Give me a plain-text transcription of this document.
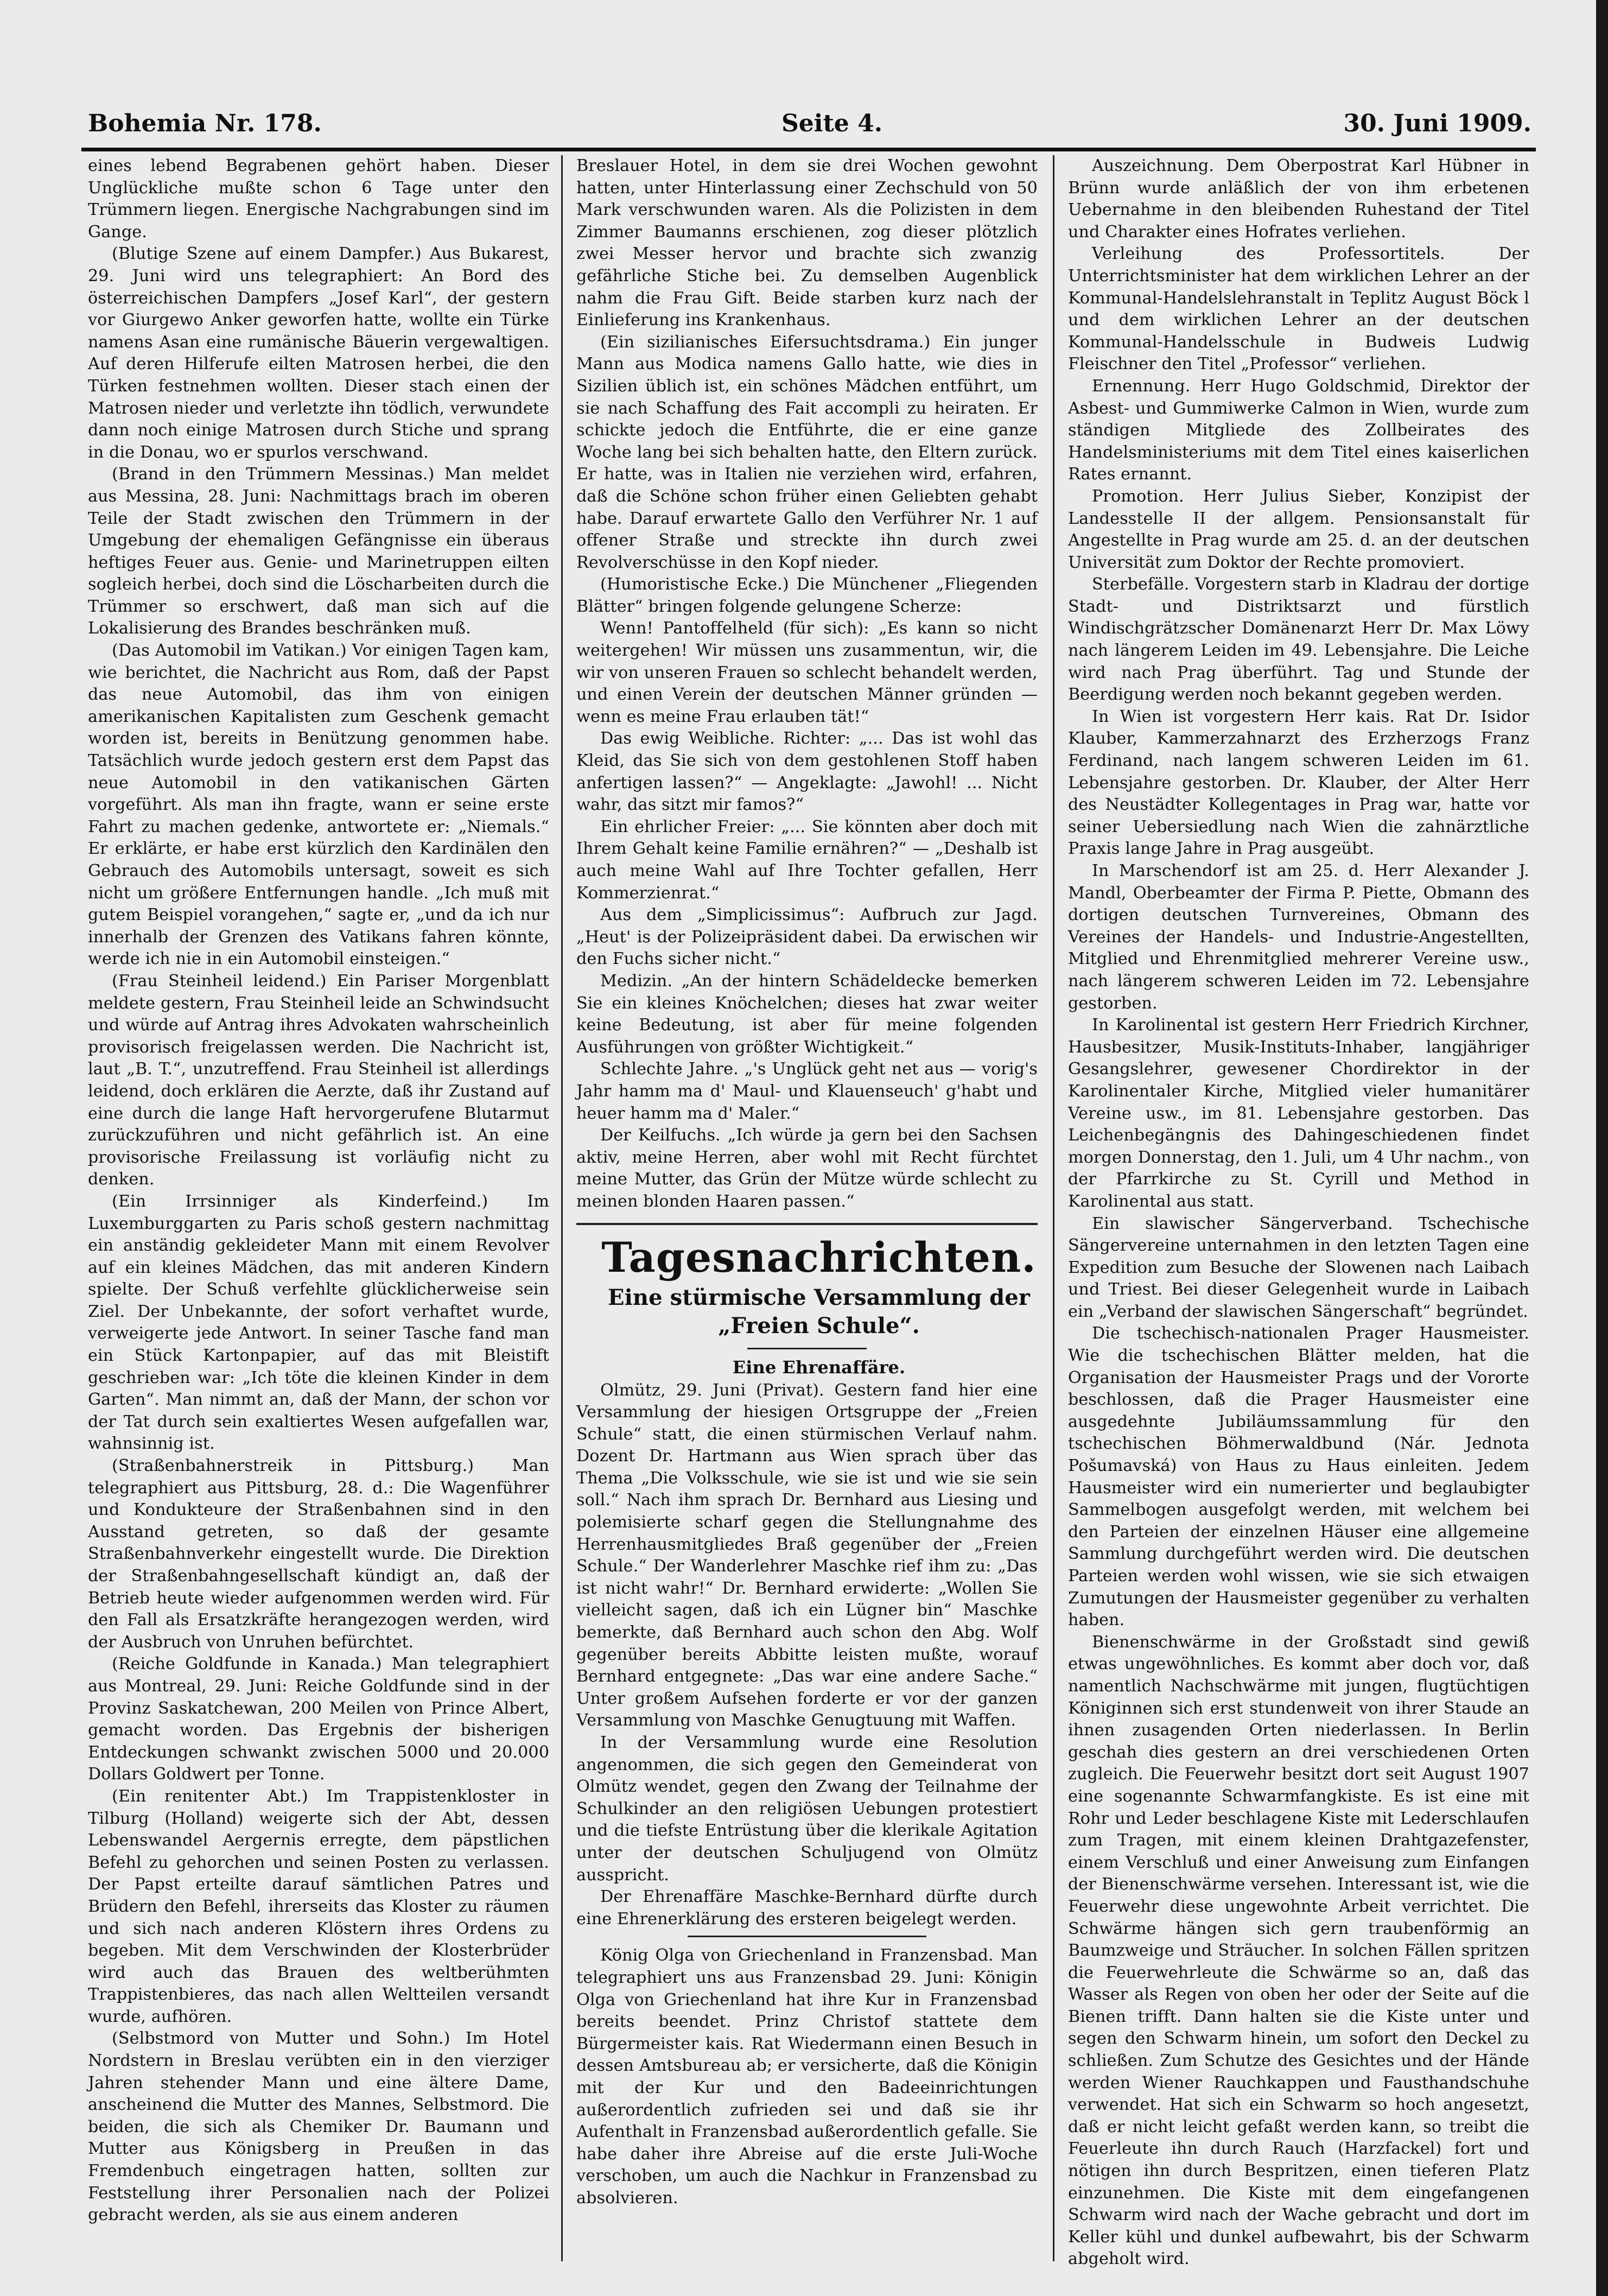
Bohemia Nr. 178.	Seite 4.	30. Juni 1909.

eines lebend Begrabenen gehört haben. Dieser Unglückliche mußte schon 6 Tage unter den Trümmern liegen. Energische Nachgrabungen sind im Gange.

(Blutige Szene auf einem Dampfer.) Aus Bukarest, 29. Juni wird uns telegraphiert: An Bord des österreichischen Dampfers „Josef Karl“, der gestern vor Giurgewo Anker geworfen hatte, wollte ein Türke namens Asan eine rumänische Bäuerin vergewaltigen. Auf deren Hilferufe eilten Matrosen herbei, die den Türken festnehmen wollten. Dieser stach einen der Matrosen nieder und verletzte ihn tödlich, verwundete dann noch einige Matrosen durch Stiche und sprang in die Donau, wo er spurlos verschwand.

(Brand in den Trümmern Messinas.) Man meldet aus Messina, 28. Juni: Nachmittags brach im oberen Teile der Stadt zwischen den Trümmern in der Umgebung der ehemaligen Gefängnisse ein überaus heftiges Feuer aus. Genie- und Marinetruppen eilten sogleich herbei, doch sind die Löscharbeiten durch die Trümmer so erschwert, daß man sich auf die Lokalisierung des Brandes beschränken muß.

(Das Automobil im Vatikan.) Vor einigen Tagen kam, wie berichtet, die Nachricht aus Rom, daß der Papst das neue Automobil, das ihm von einigen amerikanischen Kapitalisten zum Geschenk gemacht worden ist, bereits in Benützung genommen habe. Tatsächlich wurde jedoch gestern erst dem Papst das neue Automobil in den vatikanischen Gärten vorgeführt. Als man ihn fragte, wann er seine erste Fahrt zu machen gedenke, antwortete er: „Niemals.“ Er erklärte, er habe erst kürzlich den Kardinälen den Gebrauch des Automobils untersagt, soweit es sich nicht um größere Entfernungen handle. „Ich muß mit gutem Beispiel vorangehen,“ sagte er, „und da ich nur innerhalb der Grenzen des Vatikans fahren könnte, werde ich nie in ein Automobil einsteigen.“

(Frau Steinheil leidend.) Ein Pariser Morgenblatt meldete gestern, Frau Steinheil leide an Schwindsucht und würde auf Antrag ihres Advokaten wahrscheinlich provisorisch freigelassen werden. Die Nachricht ist, laut „B. T.“, unzutreffend. Frau Steinheil ist allerdings leidend, doch erklären die Aerzte, daß ihr Zustand auf eine durch die lange Haft hervorgerufene Blutarmut zurückzuführen und nicht gefährlich ist. An eine provisorische Freilassung ist vorläufig nicht zu denken.

(Ein Irrsinniger als Kinderfeind.) Im Luxemburggarten zu Paris schoß gestern nachmittag ein anständig gekleideter Mann mit einem Revolver auf ein kleines Mädchen, das mit anderen Kindern spielte. Der Schuß verfehlte glücklicherweise sein Ziel. Der Unbekannte, der sofort verhaftet wurde, verweigerte jede Antwort. In seiner Tasche fand man ein Stück Kartonpapier, auf das mit Bleistift geschrieben war: „Ich töte die kleinen Kinder in dem Garten“. Man nimmt an, daß der Mann, der schon vor der Tat durch sein exaltiertes Wesen aufgefallen war, wahnsinnig ist.

(Straßenbahnerstreik in Pittsburg.) Man telegraphiert aus Pittsburg, 28. d.: Die Wagenführer und Kondukteure der Straßenbahnen sind in den Ausstand getreten, so daß der gesamte Straßenbahnverkehr eingestellt wurde. Die Direktion der Straßenbahngesellschaft kündigt an, daß der Betrieb heute wieder aufgenommen werden wird. Für den Fall als Ersatzkräfte herangezogen werden, wird der Ausbruch von Unruhen befürchtet.

(Reiche Goldfunde in Kanada.) Man telegraphiert aus Montreal, 29. Juni: Reiche Goldfunde sind in der Provinz Saskatchewan, 200 Meilen von Prince Albert, gemacht worden. Das Ergebnis der bisherigen Entdeckungen schwankt zwischen 5000 und 20.000 Dollars Goldwert per Tonne.

(Ein renitenter Abt.) Im Trappistenkloster in Tilburg (Holland) weigerte sich der Abt, dessen Lebenswandel Aergernis erregte, dem päpstlichen Befehl zu gehorchen und seinen Posten zu verlassen. Der Papst erteilte darauf sämtlichen Patres und Brüdern den Befehl, ihrerseits das Kloster zu räumen und sich nach anderen Klöstern ihres Ordens zu begeben. Mit dem Verschwinden der Klosterbrüder wird auch das Brauen des weltberühmten Trappistenbieres, das nach allen Weltteilen versandt wurde, aufhören.

(Selbstmord von Mutter und Sohn.) Im Hotel Nordstern in Breslau verübten ein in den vierziger Jahren stehender Mann und eine ältere Dame, anscheinend die Mutter des Mannes, Selbstmord. Die beiden, die sich als Chemiker Dr. Baumann und Mutter aus Königsberg in Preußen in das Fremdenbuch eingetragen hatten, sollten zur Feststellung ihrer Personalien nach der Polizei gebracht werden, als sie aus einem anderen

Breslauer Hotel, in dem sie drei Wochen gewohnt hatten, unter Hinterlassung einer Zechschuld von 50 Mark verschwunden waren. Als die Polizisten in dem Zimmer Baumanns erschienen, zog dieser plötzlich zwei Messer hervor und brachte sich zwanzig gefährliche Stiche bei. Zu demselben Augenblick nahm die Frau Gift. Beide starben kurz nach der Einlieferung ins Krankenhaus.

(Ein sizilianisches Eifersuchtsdrama.) Ein junger Mann aus Modica namens Gallo hatte, wie dies in Sizilien üblich ist, ein schönes Mädchen entführt, um sie nach Schaffung des Fait accompli zu heiraten. Er schickte jedoch die Entführte, die er eine ganze Woche lang bei sich behalten hatte, den Eltern zurück. Er hatte, was in Italien nie verziehen wird, erfahren, daß die Schöne schon früher einen Geliebten gehabt habe. Darauf erwartete Gallo den Verführer Nr. 1 auf offener Straße und streckte ihn durch zwei Revolverschüsse in den Kopf nieder.

(Humoristische Ecke.) Die Münchener „Fliegenden Blätter“ bringen folgende gelungene Scherze:

Wenn! Pantoffelheld (für sich): „Es kann so nicht weitergehen! Wir müssen uns zusammentun, wir, die wir von unseren Frauen so schlecht behandelt werden, und einen Verein der deutschen Männer gründen — wenn es meine Frau erlauben tät!“

Das ewig Weibliche. Richter: „... Das ist wohl das Kleid, das Sie sich von dem gestohlenen Stoff haben anfertigen lassen?“ — Angeklagte: „Jawohl! ... Nicht wahr, das sitzt mir famos?“

Ein ehrlicher Freier: „... Sie könnten aber doch mit Ihrem Gehalt keine Familie ernähren?“ — „Deshalb ist auch meine Wahl auf Ihre Tochter gefallen, Herr Kommerzienrat.“

Aus dem „Simplicissimus“: Aufbruch zur Jagd. „Heut' is der Polizeipräsident dabei. Da erwischen wir den Fuchs sicher nicht.“

Medizin. „An der hintern Schädeldecke bemerken Sie ein kleines Knöchelchen; dieses hat zwar weiter keine Bedeutung, ist aber für meine folgenden Ausführungen von größter Wichtigkeit.“

Schlechte Jahre. „'s Unglück geht net aus — vorig's Jahr hamm ma d' Maul- und Klauenseuch' g'habt und heuer hamm ma d' Maler.“

Der Keilfuchs. „Ich würde ja gern bei den Sachsen aktiv, meine Herren, aber wohl mit Recht fürchtet meine Mutter, das Grün der Mütze würde schlecht zu meinen blonden Haaren passen.“

Tagesnachrichten.

Eine stürmische Versammlung der

„Freien Schule“.

Eine Ehrenaffäre.

Olmütz, 29. Juni (Privat). Gestern fand hier eine Versammlung der hiesigen Ortsgruppe der „Freien Schule“ statt, die einen stürmischen Verlauf nahm. Dozent Dr. Hartmann aus Wien sprach über das Thema „Die Volksschule, wie sie ist und wie sie sein soll.“ Nach ihm sprach Dr. Bernhard aus Liesing und polemisierte scharf gegen die Stellungnahme des Herrenhausmitgliedes Braß gegenüber der „Freien Schule.“ Der Wanderlehrer Maschke rief ihm zu: „Das ist nicht wahr!“ Dr. Bernhard erwiderte: „Wollen Sie vielleicht sagen, daß ich ein Lügner bin“ Maschke bemerkte, daß Bernhard auch schon den Abg. Wolf gegenüber bereits Abbitte leisten mußte, worauf Bernhard entgegnete: „Das war eine andere Sache.“ Unter großem Aufsehen forderte er vor der ganzen Versammlung von Maschke Genugtuung mit Waffen.

In der Versammlung wurde eine Resolution angenommen, die sich gegen den Gemeinderat von Olmütz wendet, gegen den Zwang der Teilnahme der Schulkinder an den religiösen Uebungen protestiert und die tiefste Entrüstung über die klerikale Agitation unter der deutschen Schuljugend von Olmütz ausspricht.

Der Ehrenaffäre Maschke-Bernhard dürfte durch eine Ehrenerklärung des ersteren beigelegt werden.

König Olga von Griechenland in Franzensbad. Man telegraphiert uns aus Franzensbad 29. Juni: Königin Olga von Griechenland hat ihre Kur in Franzensbad bereits beendet. Prinz Christof stattete dem Bürgermeister kais. Rat Wiedermann einen Besuch in dessen Amtsbureau ab; er versicherte, daß die Königin mit der Kur und den Badeeinrichtungen außerordentlich zufrieden sei und daß sie ihr Aufenthalt in Franzensbad außerordentlich gefalle. Sie habe daher ihre Abreise auf die erste Juli-Woche verschoben, um auch die Nachkur in Franzensbad zu absolvieren.

Auszeichnung. Dem Oberpostrat Karl Hübner in Brünn wurde anläßlich der von ihm erbetenen Uebernahme in den bleibenden Ruhestand der Titel und Charakter eines Hofrates verliehen.

Verleihung des Professortitels. Der Unterrichtsminister hat dem wirklichen Lehrer an der Kommunal-Handelslehranstalt in Teplitz August Böck l und dem wirklichen Lehrer an der deutschen Kommunal-Handelsschule in Budweis Ludwig Fleischner den Titel „Professor“ verliehen.

Ernennung. Herr Hugo Goldschmid, Direktor der Asbest- und Gummiwerke Calmon in Wien, wurde zum ständigen Mitgliede des Zollbeirates des Handelsministeriums mit dem Titel eines kaiserlichen Rates ernannt.

Promotion. Herr Julius Sieber, Konzipist der Landesstelle II der allgem. Pensionsanstalt für Angestellte in Prag wurde am 25. d. an der deutschen Universität zum Doktor der Rechte promoviert.

Sterbefälle. Vorgestern starb in Kladrau der dortige Stadt- und Distriktsarzt und fürstlich Windischgrätzscher Domänenarzt Herr Dr. Max Löwy nach längerem Leiden im 49. Lebensjahre. Die Leiche wird nach Prag überführt. Tag und Stunde der Beerdigung werden noch bekannt gegeben werden.

In Wien ist vorgestern Herr kais. Rat Dr. Isidor Klauber, Kammerzahnarzt des Erzherzogs Franz Ferdinand, nach langem schweren Leiden im 61. Lebensjahre gestorben. Dr. Klauber, der Alter Herr des Neustädter Kollegentages in Prag war, hatte vor seiner Uebersiedlung nach Wien die zahnärztliche Praxis lange Jahre in Prag ausgeübt.

In Marschendorf ist am 25. d. Herr Alexander J. Mandl, Oberbeamter der Firma P. Piette, Obmann des dortigen deutschen Turnvereines, Obmann des Vereines der Handels- und Industrie-Angestellten, Mitglied und Ehrenmitglied mehrerer Vereine usw., nach längerem schweren Leiden im 72. Lebensjahre gestorben.

In Karolinental ist gestern Herr Friedrich Kirchner, Hausbesitzer, Musik-Instituts-Inhaber, langjähriger Gesangslehrer, gewesener Chordirektor in der Karolinentaler Kirche, Mitglied vieler humanitärer Vereine usw., im 81. Lebensjahre gestorben. Das Leichenbegängnis des Dahingeschiedenen findet morgen Donnerstag, den 1. Juli, um 4 Uhr nachm., von der Pfarrkirche zu St. Cyrill und Method in Karolinental aus statt.

Ein slawischer Sängerverband. Tschechische Sängervereine unternahmen in den letzten Tagen eine Expedition zum Besuche der Slowenen nach Laibach und Triest. Bei dieser Gelegenheit wurde in Laibach ein „Verband der slawischen Sängerschaft“ begründet.

Die tschechisch-nationalen Prager Hausmeister. Wie die tschechischen Blätter melden, hat die Organisation der Hausmeister Prags und der Vororte beschlossen, daß die Prager Hausmeister eine ausgedehnte Jubiläumssammlung für den tschechischen Böhmerwaldbund (Nár. Jednota Pošumavská) von Haus zu Haus einleiten. Jedem Hausmeister wird ein numerierter und beglaubigter Sammelbogen ausgefolgt werden, mit welchem bei den Parteien der einzelnen Häuser eine allgemeine Sammlung durchgeführt werden wird. Die deutschen Parteien werden wohl wissen, wie sie sich etwaigen Zumutungen der Hausmeister gegenüber zu verhalten haben.

Bienenschwärme in der Großstadt sind gewiß etwas ungewöhnliches. Es kommt aber doch vor, daß namentlich Nachschwärme mit jungen, flugtüchtigen Königinnen sich erst stundenweit von ihrer Staude an ihnen zusagenden Orten niederlassen. In Berlin geschah dies gestern an drei verschiedenen Orten zugleich. Die Feuerwehr besitzt dort seit August 1907 eine sogenannte Schwarmfangkiste. Es ist eine mit Rohr und Leder beschlagene Kiste mit Lederschlaufen zum Tragen, mit einem kleinen Drahtgazefenster, einem Verschluß und einer Anweisung zum Einfangen der Bienenschwärme versehen. Interessant ist, wie die Feuerwehr diese ungewohnte Arbeit verrichtet. Die Schwärme hängen sich gern traubenförmig an Baumzweige und Sträucher. In solchen Fällen spritzen die Feuerwehrleute die Schwärme so an, daß das Wasser als Regen von oben her oder der Seite auf die Bienen trifft. Dann halten sie die Kiste unter und segen den Schwarm hinein, um sofort den Deckel zu schließen. Zum Schutze des Gesichtes und der Hände werden Wiener Rauchkappen und Fausthandschuhe verwendet. Hat sich ein Schwarm so hoch angesetzt, daß er nicht leicht gefaßt werden kann, so treibt die Feuerleute ihn durch Rauch (Harzfackel) fort und nötigen ihn durch Bespritzen, einen tieferen Platz einzunehmen. Die Kiste mit dem eingefangenen Schwarm wird nach der Wache gebracht und dort im Keller kühl und dunkel aufbewahrt, bis der Schwarm abgeholt wird.
